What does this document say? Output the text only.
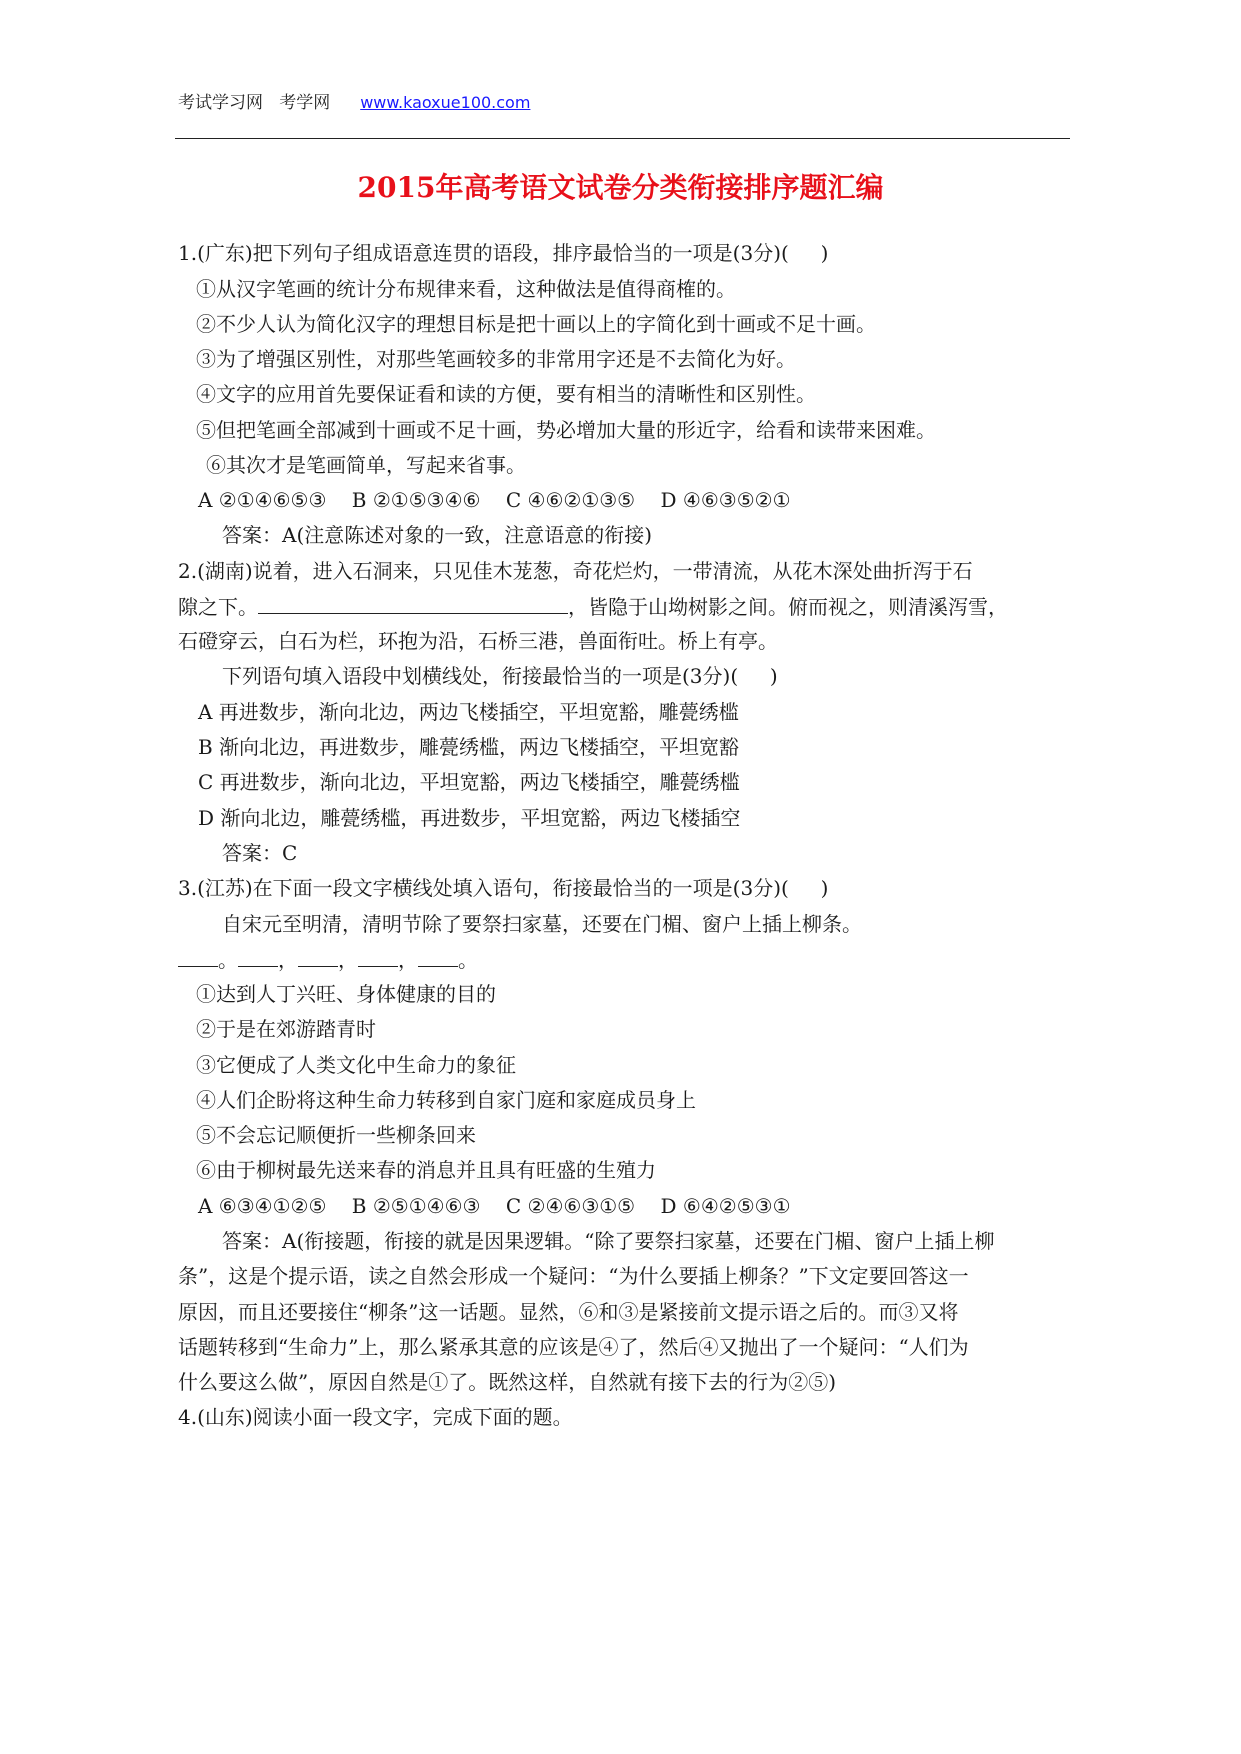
考试学习网   考学网 www.kaoxue100.com
2015年高考语文试卷分类衔接排序题汇编
1.(广东)把下列句子组成语意连贯的语段，排序最恰当的一项是(3分)(     )
①从汉字笔画的统计分布规律来看，这种做法是值得商榷的。
②不少人认为简化汉字的理想目标是把十画以上的字简化到十画或不足十画。
③为了增强区别性，对那些笔画较多的非常用字还是不去简化为好。
④文字的应用首先要保证看和读的方便，要有相当的清晰性和区别性。
⑤但把笔画全部减到十画或不足十画，势必增加大量的形近字，给看和读带来困难。
⑥其次才是笔画简单，写起来省事。
A ②①④⑥⑤③    B ②①⑤③④⑥    C ④⑥②①③⑤    D ④⑥③⑤②①
答案：A(注意陈述对象的一致，注意语意的衔接)
2.(湖南)说着，进入石洞来，只见佳木茏葱，奇花烂灼，一带清流，从花木深处曲折泻于石
隙之下。	，皆隐于山坳树影之间。俯而视之，则清溪泻雪，
石磴穿云，白石为栏，环抱为沿，石桥三港，兽面衔吐。桥上有亭。
下列语句填入语段中划横线处，衔接最恰当的一项是(3分)(     )
A 再进数步，渐向北边，两边飞楼插空，平坦宽豁，雕甍绣槛
B 渐向北边，再进数步，雕甍绣槛，两边飞楼插空，平坦宽豁
C 再进数步，渐向北边，平坦宽豁，两边飞楼插空，雕甍绣槛
D 渐向北边，雕甍绣槛，再进数步，平坦宽豁，两边飞楼插空
答案：C
3.(江苏)在下面一段文字横线处填入语句，衔接最恰当的一项是(3分)(     )
自宋元至明清，清明节除了要祭扫家墓，还要在门楣、窗户上插上柳条。
。 ， ， ， 。
①达到人丁兴旺、身体健康的目的
②于是在郊游踏青时
③它便成了人类文化中生命力的象征
④人们企盼将这种生命力转移到自家门庭和家庭成员身上
⑤不会忘记顺便折一些柳条回来
⑥由于柳树最先送来春的消息并且具有旺盛的生殖力
A ⑥③④①②⑤    B ②⑤①④⑥③    C ②④⑥③①⑤    D ⑥④②⑤③①
答案：A(衔接题，衔接的就是因果逻辑。“除了要祭扫家墓，还要在门楣、窗户上插上柳
条”，这是个提示语，读之自然会形成一个疑问：“为什么要插上柳条？”下文定要回答这一
原因，而且还要接住“柳条”这一话题。显然，⑥和③是紧接前文提示语之后的。而③又将
话题转移到“生命力”上，那么紧承其意的应该是④了，然后④又抛出了一个疑问：“人们为
什么要这么做”，原因自然是①了。既然这样，自然就有接下去的行为②⑤)
4.(山东)阅读小面一段文字，完成下面的题。
